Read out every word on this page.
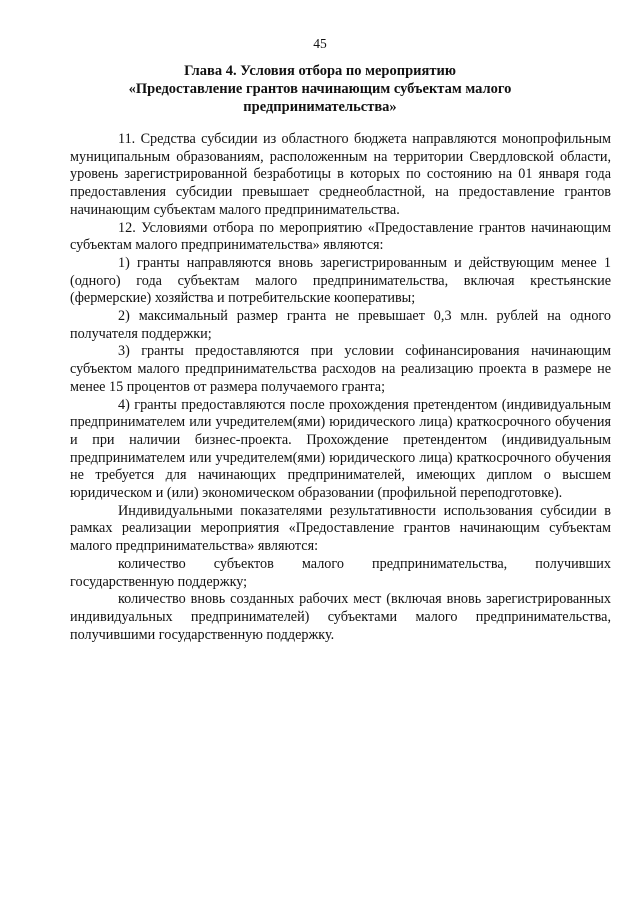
45
Глава 4. Условия отбора по мероприятию
«Предоставление грантов начинающим субъектам малого
предпринимательства»

11. Средства субсидии из областного бюджета направляются монопрофильным муниципальным образованиям, расположенным на территории Свердловской области, уровень зарегистрированной безработицы в которых по состоянию на 01 января года предоставления субсидии превышает среднеобластной, на предоставление грантов начинающим субъектам малого предпринимательства.

12. Условиями отбора по мероприятию «Предоставление грантов начинающим субъектам малого предпринимательства» являются:

1) гранты направляются вновь зарегистрированным и действующим менее 1 (одного) года субъектам малого предпринимательства, включая крестьянские (фермерские) хозяйства и потребительские кооперативы;

2) максимальный размер гранта не превышает 0,3 млн. рублей на одного получателя поддержки;

3) гранты предоставляются при условии софинансирования начинающим субъектом малого предпринимательства расходов на реализацию проекта в размере не менее 15 процентов от размера получаемого гранта;

4) гранты предоставляются после прохождения претендентом (индивидуальным предпринимателем или учредителем(ями) юридического лица) краткосрочного обучения и при наличии бизнес-проекта. Прохождение претендентом (индивидуальным предпринимателем или учредителем(ями) юридического лица) краткосрочного обучения не требуется для начинающих предпринимателей, имеющих диплом о высшем юридическом и (или) экономическом образовании (профильной переподготовке).

Индивидуальными показателями результативности использования субсидии в рамках реализации мероприятия «Предоставление грантов начинающим субъектам малого предпринимательства» являются:

количество субъектов малого предпринимательства, получивших государственную поддержку;

количество вновь созданных рабочих мест (включая вновь зарегистрированных индивидуальных предпринимателей) субъектами малого предпринимательства, получившими государственную поддержку.
